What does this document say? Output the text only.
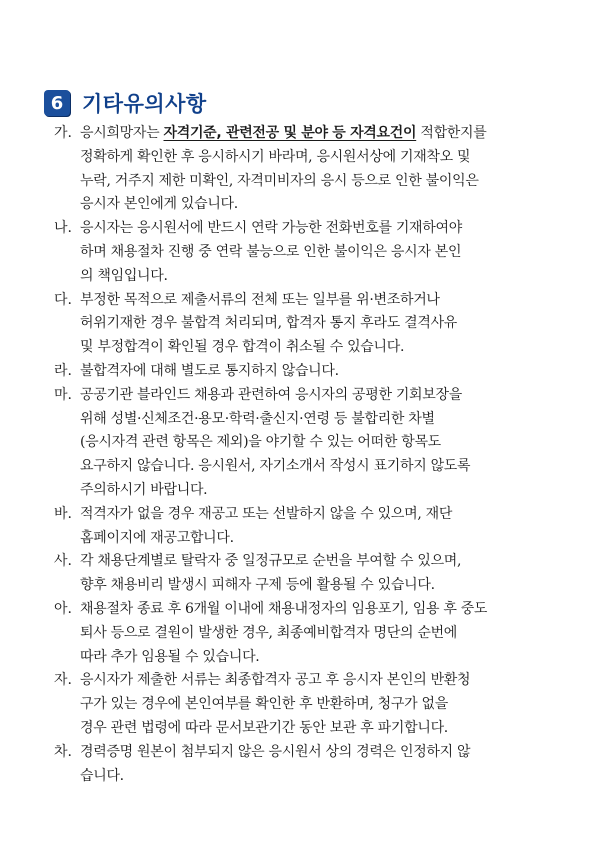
6 기타유의사항
가. 응시희망자는 자격기준, 관련전공 및 분야 등 자격요건이 적합한지를
정확하게 확인한 후 응시하시기 바라며, 응시원서상에 기재착오 및
누락, 거주지 제한 미확인, 자격미비자의 응시 등으로 인한 불이익은
응시자 본인에게 있습니다.
나. 응시자는 응시원서에 반드시 연락 가능한 전화번호를 기재하여야
하며 채용절차 진행 중 연락 불능으로 인한 불이익은 응시자 본인
의 책임입니다.
다. 부정한 목적으로 제출서류의 전체 또는 일부를 위·변조하거나
허위기재한 경우 불합격 처리되며, 합격자 통지 후라도 결격사유
및 부정합격이 확인될 경우 합격이 취소될 수 있습니다.
라. 불합격자에 대해 별도로 통지하지 않습니다.
마. 공공기관 블라인드 채용과 관련하여 응시자의 공평한 기회보장을
위해 성별·신체조건·용모·학력·출신지·연령 등 불합리한 차별
(응시자격 관련 항목은 제외)을 야기할 수 있는 어떠한 항목도
요구하지 않습니다. 응시원서, 자기소개서 작성시 표기하지 않도록
주의하시기 바랍니다.
바. 적격자가 없을 경우 재공고 또는 선발하지 않을 수 있으며, 재단
홈페이지에 재공고합니다.
사. 각 채용단계별로 탈락자 중 일정규모로 순번을 부여할 수 있으며,
향후 채용비리 발생시 피해자 구제 등에 활용될 수 있습니다.
아. 채용절차 종료 후 6개월 이내에 채용내정자의 임용포기, 임용 후 중도
퇴사 등으로 결원이 발생한 경우, 최종예비합격자 명단의 순번에
따라 추가 임용될 수 있습니다.
자. 응시자가 제출한 서류는 최종합격자 공고 후 응시자 본인의 반환청
구가 있는 경우에 본인여부를 확인한 후 반환하며, 청구가 없을
경우 관련 법령에 따라 문서보관기간 동안 보관 후 파기합니다.
차. 경력증명 원본이 첨부되지 않은 응시원서 상의 경력은 인정하지 않
습니다.
